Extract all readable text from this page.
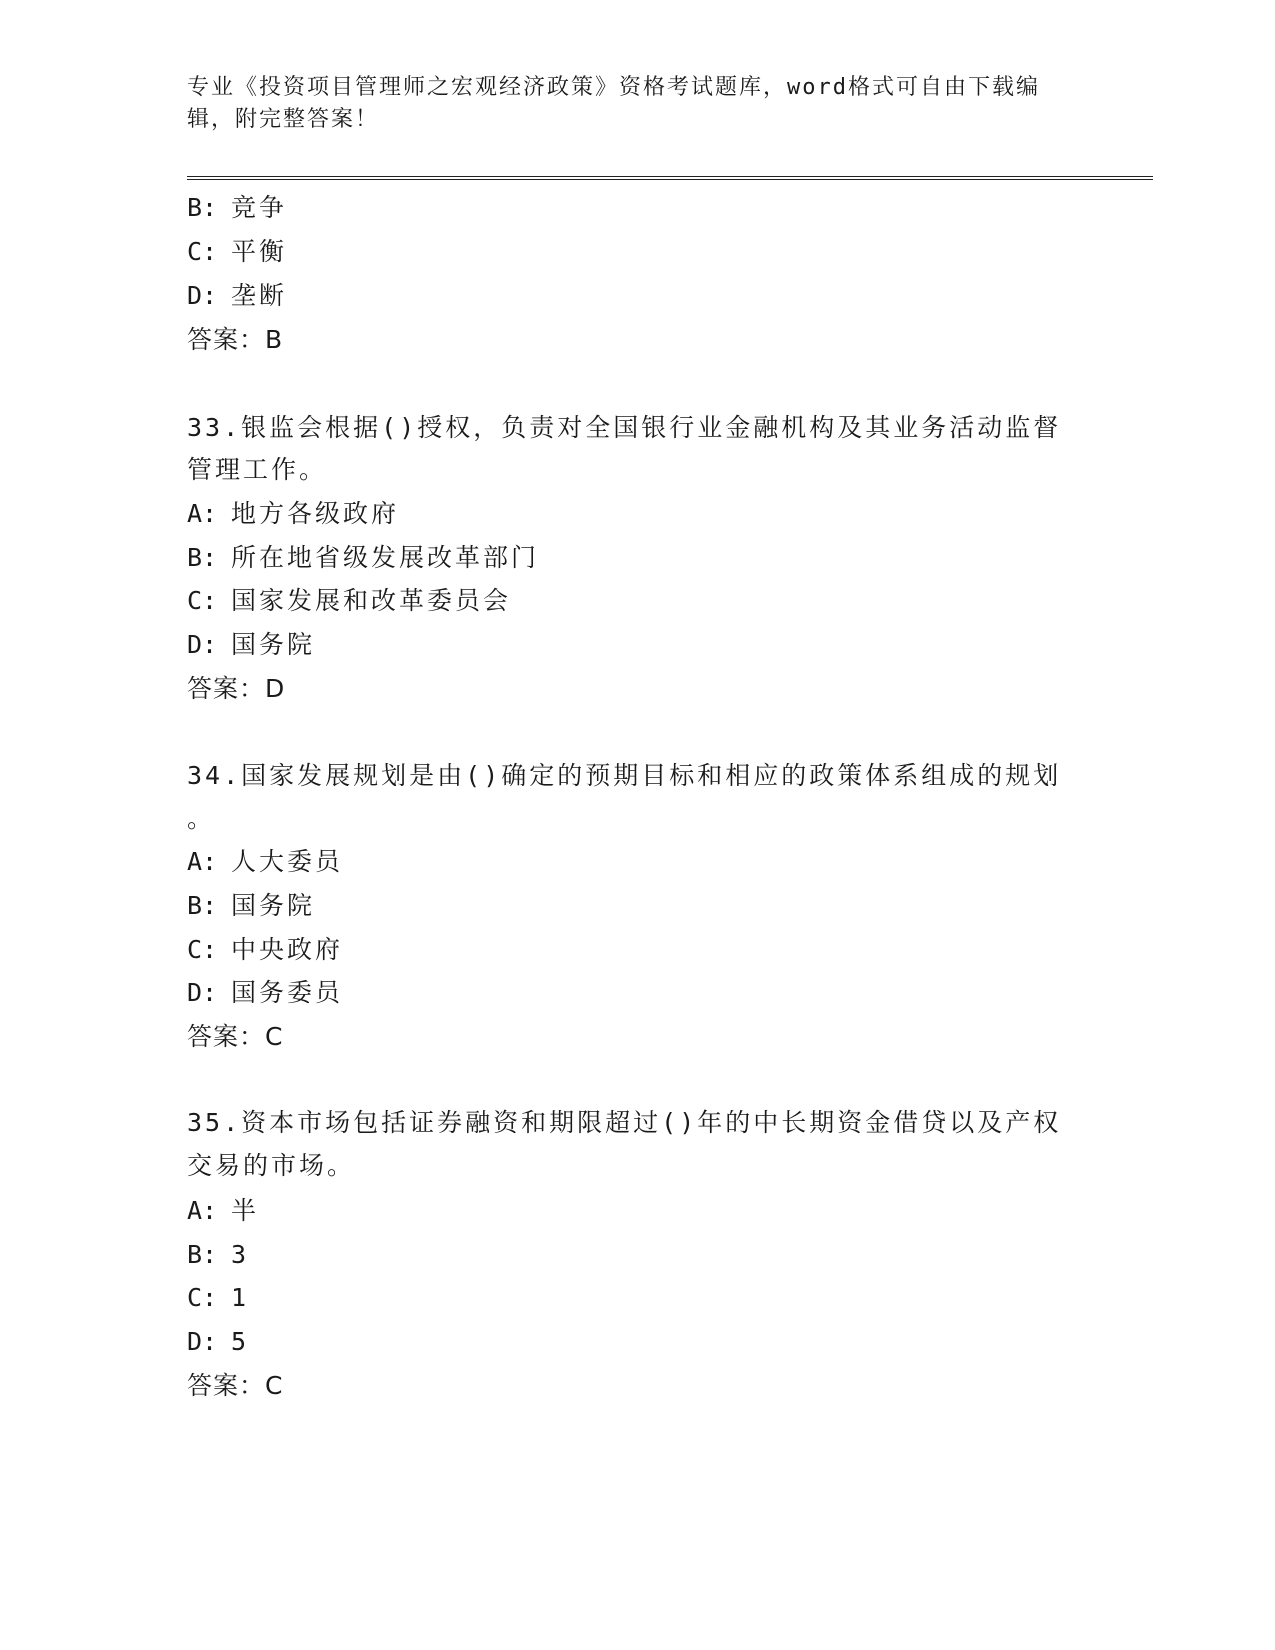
专业《投资项目管理师之宏观经济政策》资格考试题库，word格式可自由下载编
辑，附完整答案！
B: 竞争
C: 平衡
D: 垄断
答案：B
33.银监会根据()授权，负责对全国银行业金融机构及其业务活动监督
管理工作。
A: 地方各级政府
B: 所在地省级发展改革部门
C: 国家发展和改革委员会
D: 国务院
答案：D
34.国家发展规划是由()确定的预期目标和相应的政策体系组成的规划
。
A: 人大委员
B: 国务院
C: 中央政府
D: 国务委员
答案：C
35.资本市场包括证券融资和期限超过()年的中长期资金借贷以及产权
交易的市场。
A: 半
B: 3
C: 1
D: 5
答案：C
